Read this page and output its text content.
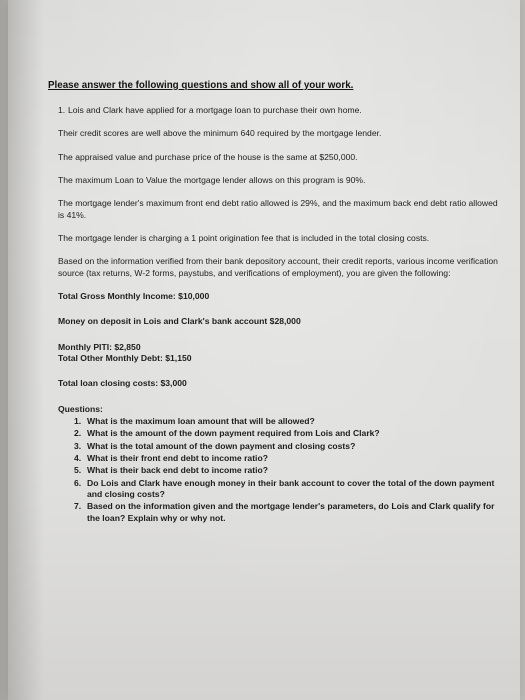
Please answer the following questions and show all of your work.
1. Lois and Clark have applied for a mortgage loan to purchase their own home.
Their credit scores are well above the minimum 640 required by the mortgage lender.
The appraised value and purchase price of the house is the same at $250,000.
The maximum Loan to Value the mortgage lender allows on this program is 90%.
The mortgage lender's maximum front end debt ratio allowed is 29%, and the maximum back end debt ratio allowed is 41%.
The mortgage lender is charging a 1 point origination fee that is included in the total closing costs.
Based on the information verified from their bank depository account, their credit reports, various income verification source (tax returns, W-2 forms, paystubs, and verifications of employment), you are given the following:
Total Gross Monthly Income: $10,000
Money on deposit in Lois and Clark's bank account $28,000
Monthly PITI: $2,850
Total Other Monthly Debt: $1,150
Total loan closing costs: $3,000
Questions:
1. What is the maximum loan amount that will be allowed?
2. What is the amount of the down payment required from Lois and Clark?
3. What is the total amount of the down payment and closing costs?
4. What is their front end debt to income ratio?
5. What is their back end debt to income ratio?
6. Do Lois and Clark have enough money in their bank account to cover the total of the down payment and closing costs?
7. Based on the information given and the mortgage lender's parameters, do Lois and Clark qualify for the loan? Explain why or why not.
